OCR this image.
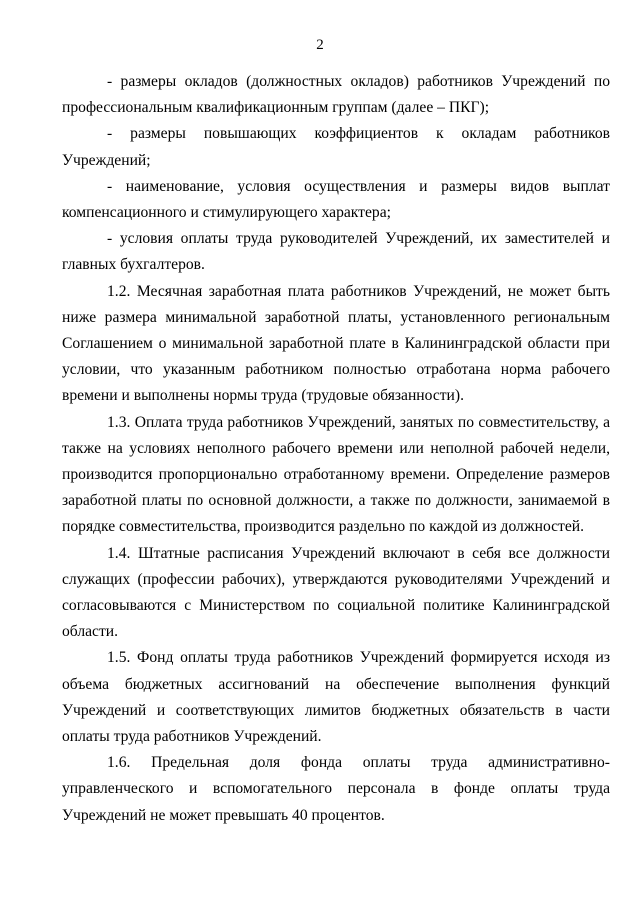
2

- размеры окладов (должностных окладов) работников Учреждений по профессиональным квалификационным группам (далее – ПКГ);

- размеры повышающих коэффициентов к окладам работников Учреждений;

- наименование, условия осуществления и размеры видов выплат компенсационного и стимулирующего характера;

- условия оплаты труда руководителей Учреждений, их заместителей и главных бухгалтеров.

1.2. Месячная заработная плата работников Учреждений, не может быть ниже размера минимальной заработной платы, установленного региональным Соглашением о минимальной заработной плате в Калининградской области при условии, что указанным работником полностью отработана норма рабочего времени и выполнены нормы труда (трудовые обязанности).

1.3. Оплата труда работников Учреждений, занятых по совместительству, а также на условиях неполного рабочего времени или неполной рабочей недели, производится пропорционально отработанному времени. Определение размеров заработной платы по основной должности, а также по должности, занимаемой в порядке совместительства, производится раздельно по каждой из должностей.

1.4. Штатные расписания Учреждений включают в себя все должности служащих (профессии рабочих), утверждаются руководителями Учреждений и согласовываются с Министерством по социальной политике Калининградской области.

1.5. Фонд оплаты труда работников Учреждений формируется исходя из объема бюджетных ассигнований на обеспечение выполнения функций Учреждений и соответствующих лимитов бюджетных обязательств в части оплаты труда работников Учреждений.

1.6. Предельная доля фонда оплаты труда административно-управленческого и вспомогательного персонала в фонде оплаты труда Учреждений не может превышать 40 процентов.
